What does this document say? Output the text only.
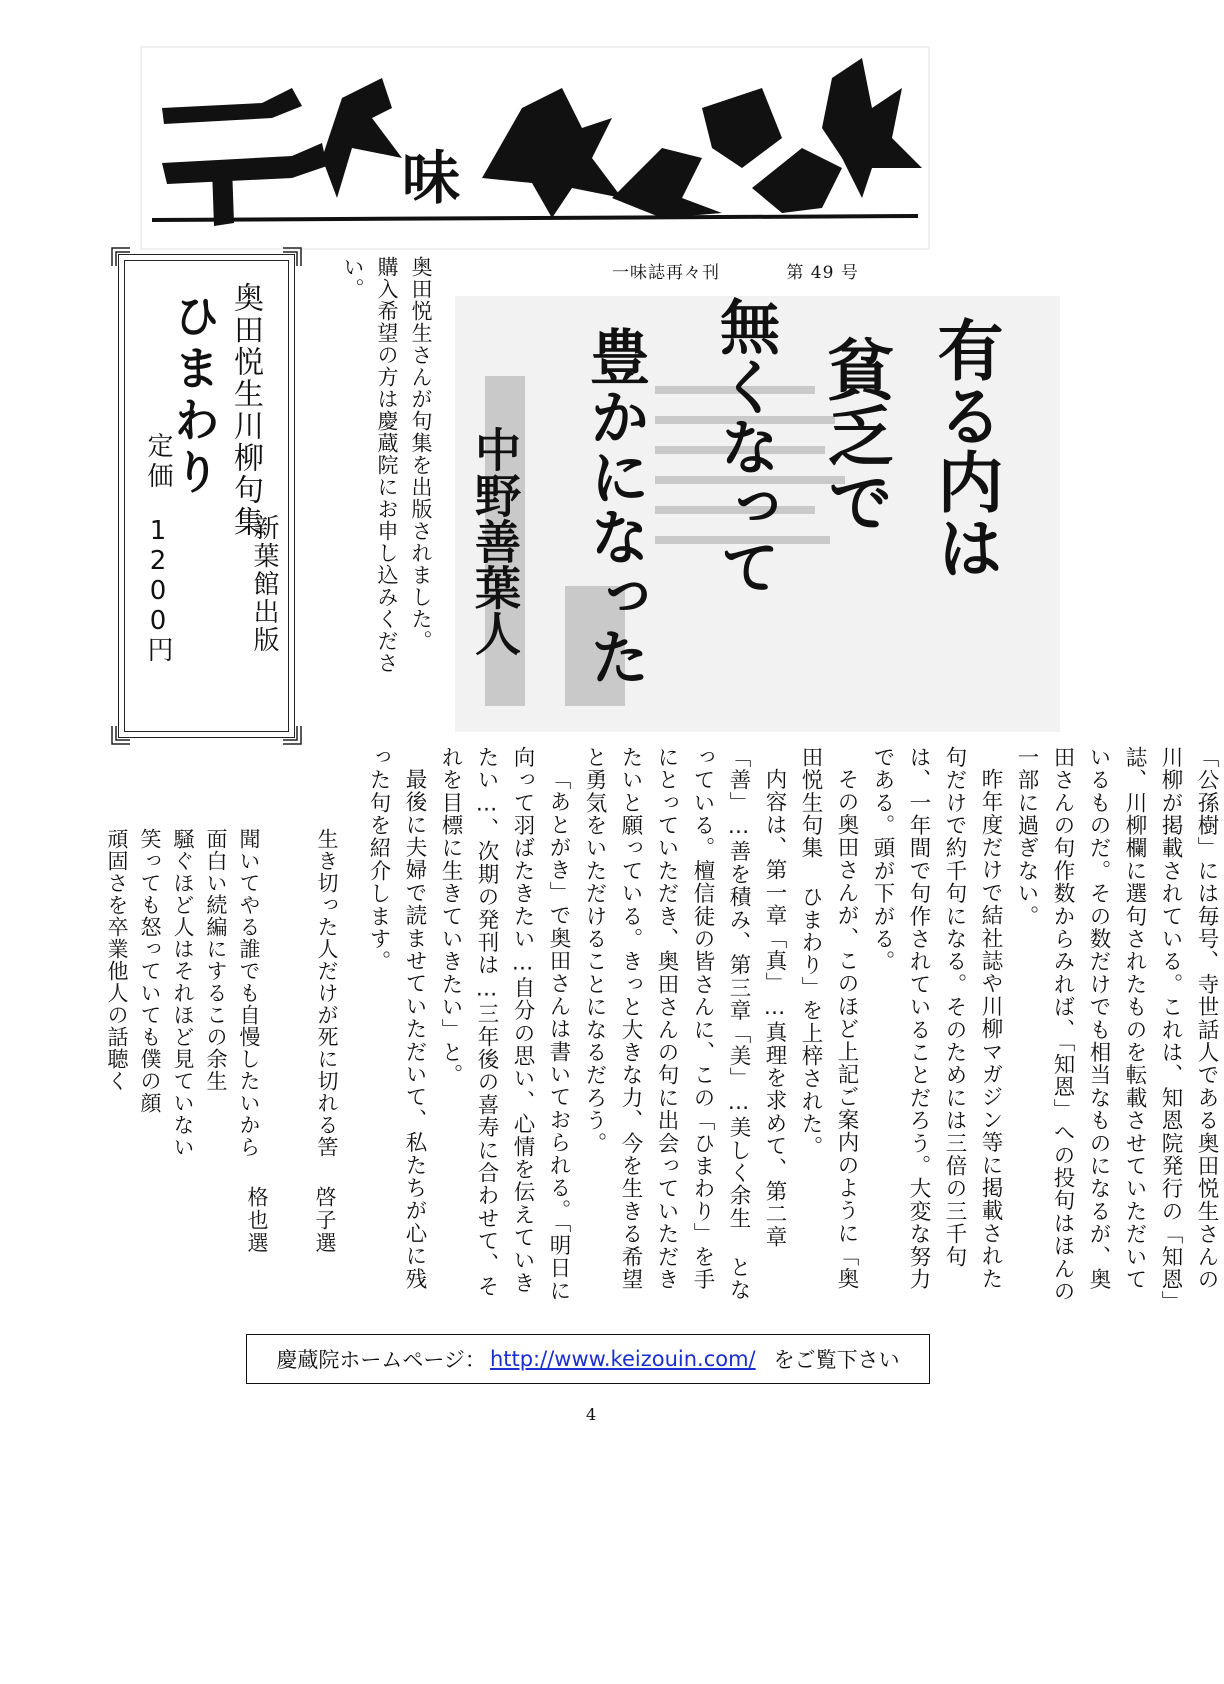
味
一味誌再々刊	第 49 号
有る内は
貧乏で
無くなって
豊かになった
中野善葉人
奥田悦生さんが句集を出版されました。
購入希望の方は慶蔵院にお申し込みください。
奥田悦生川柳句集
ひまわり
新葉館出版
定価
1200円

「公孫樹」には毎号、寺世話人である奥田悦生さんの川柳が掲載されている。これは、知恩院発行の「知恩」誌、川柳欄に選句されたものを転載させていただいているものだ。その数だけでも相当なものになるが、奥田さんの句作数からみれば、「知恩」への投句はほんの一部に過ぎない。

昨年度だけで結社誌や川柳マガジン等に掲載された句だけで約千句になる。そのためには三倍の三千句は、一年間で句作されていることだろう。大変な努力である。頭が下がる。

その奥田さんが、このほど上記ご案内のように「奥田悦生句集 ひまわり」を上梓された。

内容は、第一章「真」…真理を求めて、第二章「善」…善を積み、第三章「美」…美しく余生 となっている。檀信徒の皆さんに、この「ひまわり」を手にとっていただき、奥田さんの句に出会っていただきたいと願っている。きっと大きな力、今を生きる希望と勇気をいただけることになるだろう。

「あとがき」で奥田さんは書いておられる。「明日に向って羽ばたきたい…自分の思い、心情を伝えていきたい…、次期の発刊は…三年後の喜寿に合わせて、それを目標に生きていきたい」と。

最後に夫婦で読ませていただいて、私たちが心に残った句を紹介します。

生き切った人だけが死に切れる筈
啓子選
聞いてやる誰でも自慢したいから
面白い続編にするこの余生
騒ぐほど人はそれほど見ていない
笑っても怒っていても僕の顔
頑固さを卒業他人の話聴く
格也選
慶蔵院ホームページ： http://www.keizouin.com/ をご覧下さい
4
